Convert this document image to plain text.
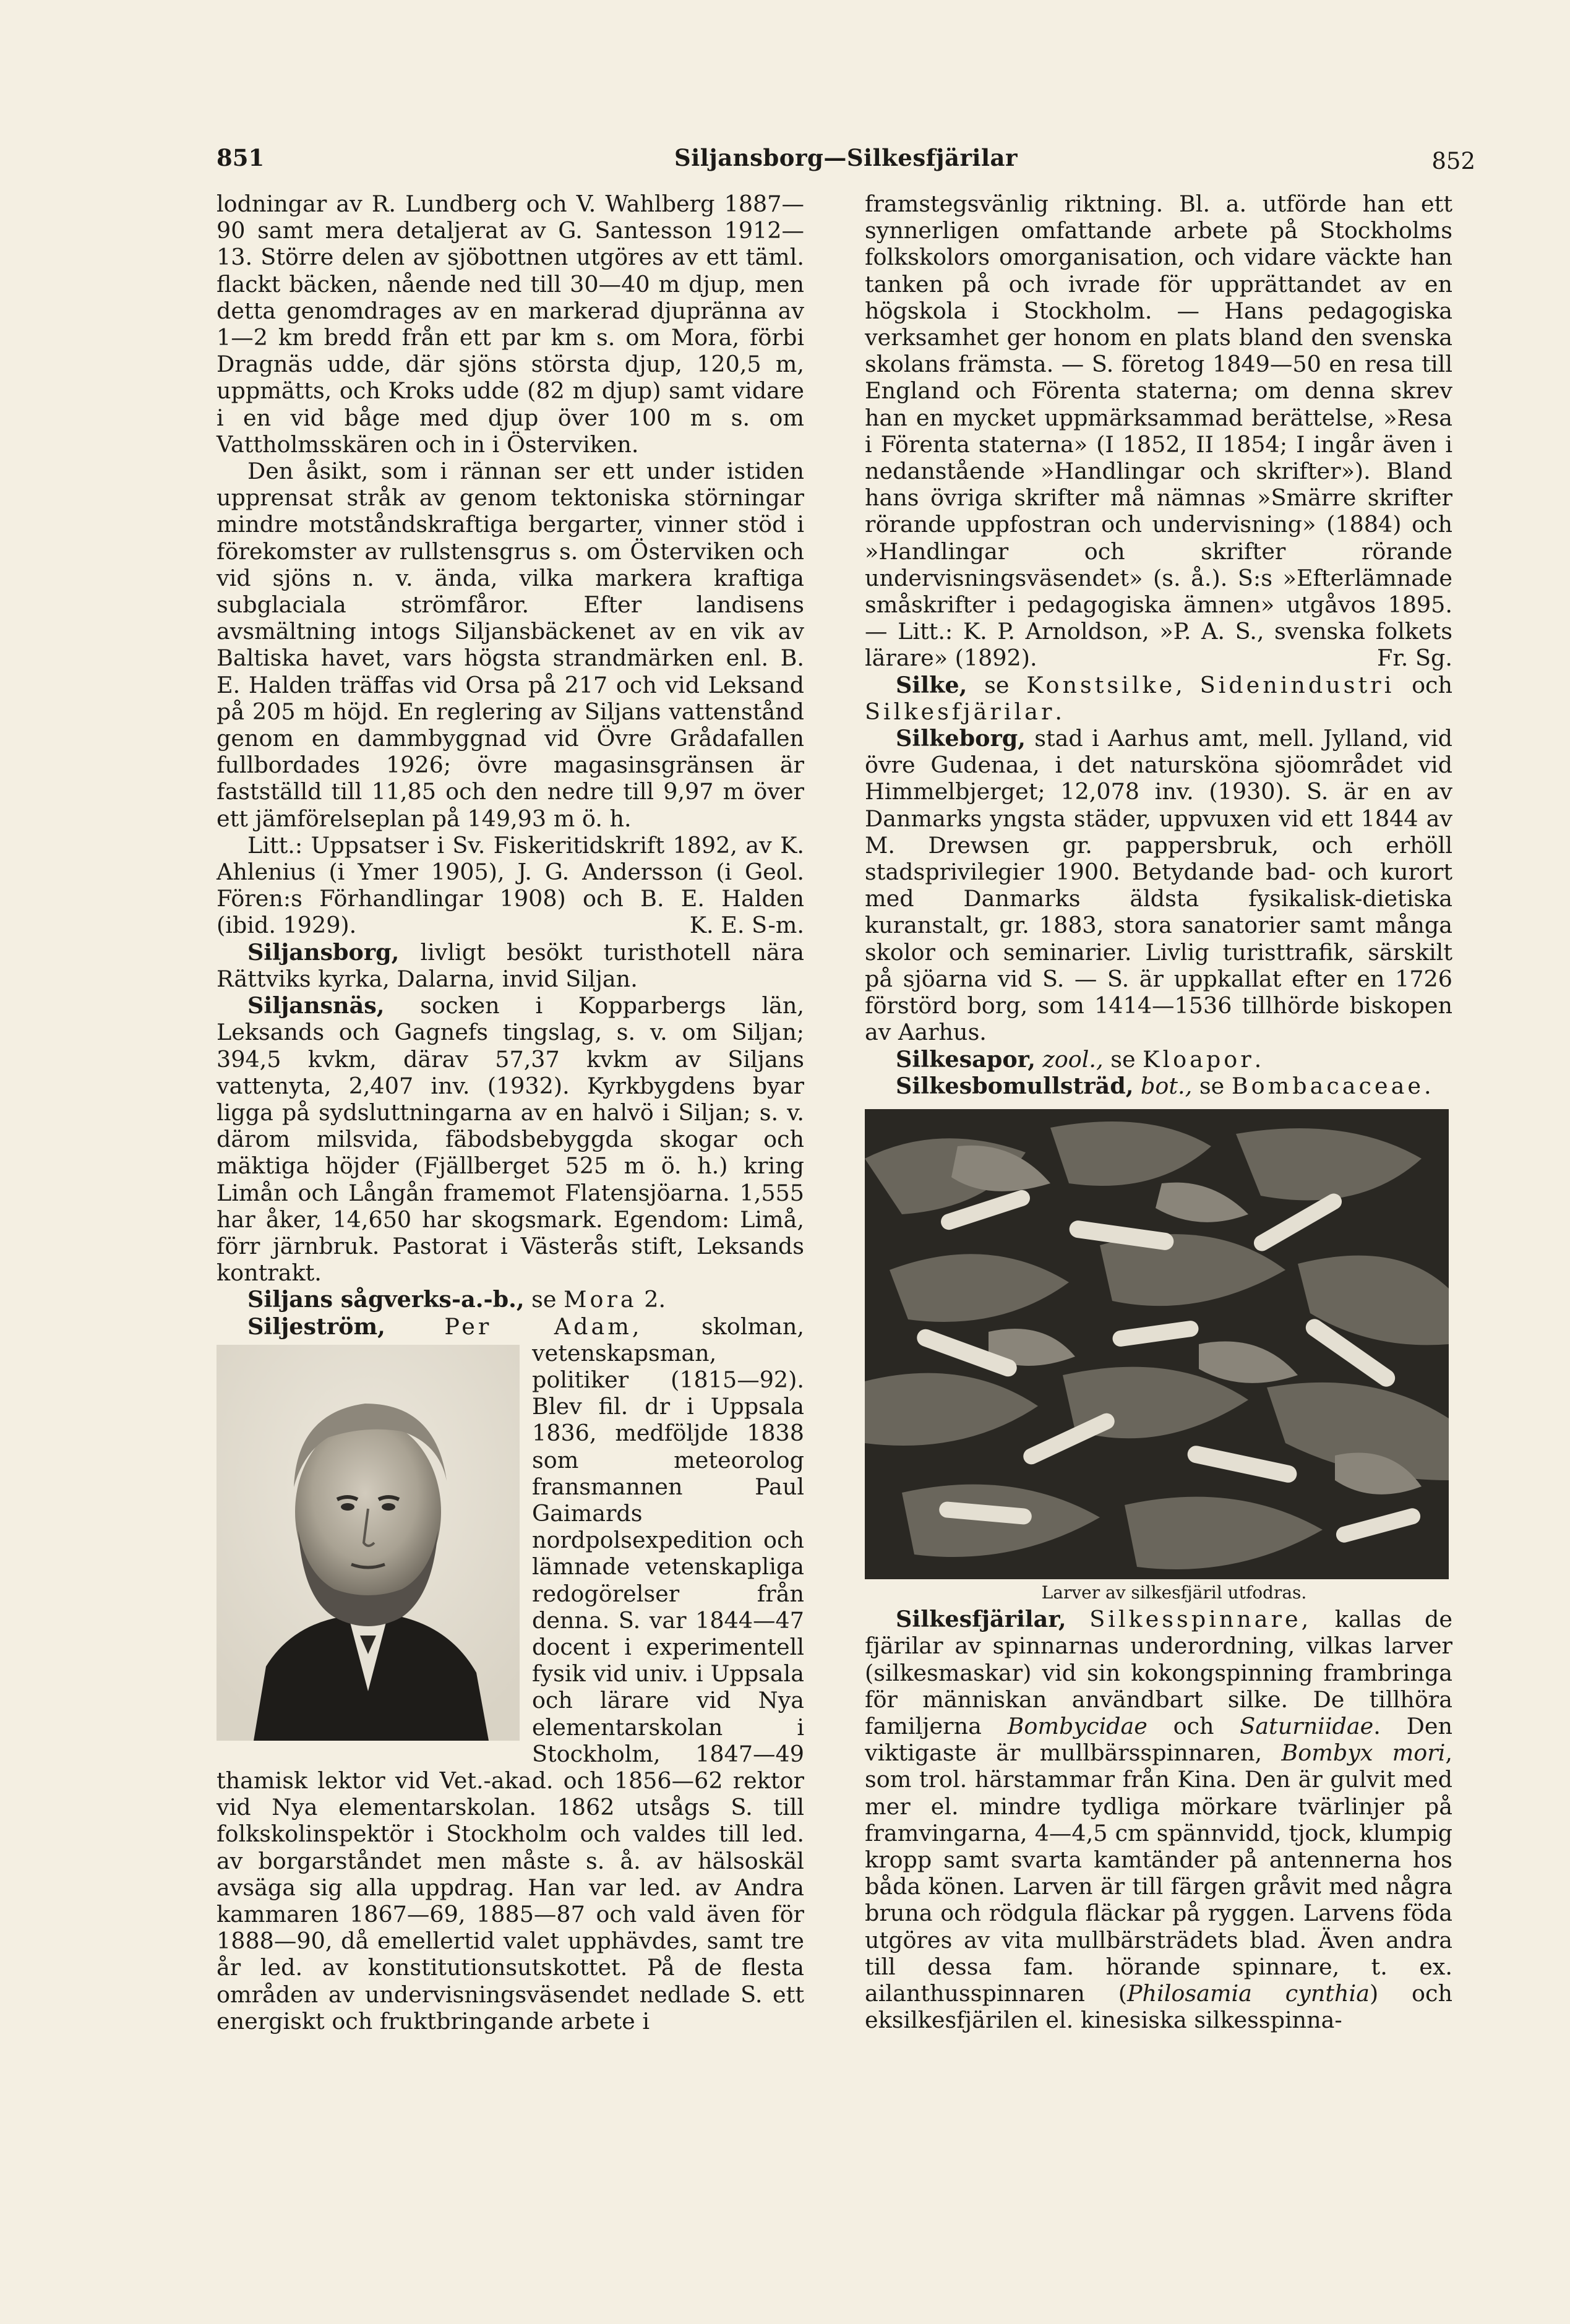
851	Siljansborg—Silkesfjärilar	852

lodningar av R. Lundberg och V. Wahlberg 1887—90 samt mera detaljerat av G. Santesson 1912—13. Större delen av sjöbottnen utgöres av ett täml. flackt bäcken, nående ned till 30—40 m djup, men detta genomdrages av en markerad djupränna av 1—2 km bredd från ett par km s. om Mora, förbi Dragnäs udde, där sjöns största djup, 120,5 m, uppmätts, och Kroks udde (82 m djup) samt vidare i en vid båge med djup över 100 m s. om Vattholmsskären och in i Österviken.

Den åsikt, som i rännan ser ett under istiden upprensat stråk av genom tektoniska störningar mindre motståndskraftiga bergarter, vinner stöd i förekomster av rullstensgrus s. om Österviken och vid sjöns n. v. ända, vilka markera kraftiga subglaciala strömfåror. Efter landisens avsmältning intogs Siljansbäckenet av en vik av Baltiska havet, vars högsta strandmärken enl. B. E. Halden träffas vid Orsa på 217 och vid Leksand på 205 m höjd. En reglering av Siljans vattenstånd genom en dammbyggnad vid Övre Grådafallen fullbordades 1926; övre magasinsgränsen är fastställd till 11,85 och den nedre till 9,97 m över ett jämförelseplan på 149,93 m ö. h.

Litt.: Uppsatser i Sv. Fiskeritidskrift 1892, av K. Ahlenius (i Ymer 1905), J. G. Andersson (i Geol. Fören:s Förhandlingar 1908) och B. E. Halden (ibid. 1929).	K. E. S-m.

Siljansborg, livligt besökt turisthotell nära Rättviks kyrka, Dalarna, invid Siljan.

Siljansnäs, socken i Kopparbergs län, Leksands och Gagnefs tingslag, s. v. om Siljan; 394,5 kvkm, därav 57,37 kvkm av Siljans vattenyta, 2,407 inv. (1932). Kyrkbygdens byar ligga på sydsluttningarna av en halvö i Siljan; s. v. därom milsvida, fäbodsbebyggda skogar och mäktiga höjder (Fjällberget 525 m ö. h.) kring Limån och Långån framemot Flatensjöarna. 1,555 har åker, 14,650 har skogsmark. Egendom: Limå, förr järnbruk. Pastorat i Västerås stift, Leksands kontrakt.

Siljans sågverks-a.-b., se Mora 2.

Siljeström,	Per Adam,
skolman, vetenskapsman, politiker (1815—92). Blev fil. dr i Uppsala 1836, medföljde 1838 som meteorolog fransmannen Paul Gaimards nordpolsexpedition och lämnade vetenskapliga redogörelser från denna. S. var 1844—47 docent i experimentell fysik vid univ. i Uppsala och lärare vid Nya elementarskolan i Stockholm, 1847—49 thamisk lektor vid Vet.-akad. och 1856—62 rektor vid Nya elementarskolan. 1862 utsågs S. till folkskolinspektör i Stockholm och valdes till led. av borgarståndet men måste s. å. av hälsoskäl avsäga sig alla uppdrag. Han var led. av Andra kammaren 1867—69, 1885—87 och vald även för 1888—90, då emellertid valet upphävdes, samt tre år led. av konstitutionsutskottet. På de flesta områden av undervisningsväsendet nedlade S. ett energiskt och fruktbringande arbete i

framstegsvänlig riktning. Bl. a. utförde han ett synnerligen omfattande arbete på Stockholms folkskolors omorganisation, och vidare väckte han tanken på och ivrade för upprättandet av en högskola i Stockholm. — Hans pedagogiska verksamhet ger honom en plats bland den svenska skolans främsta. — S. företog 1849—50 en resa till England och Förenta staterna; om denna skrev han en mycket uppmärksammad berättelse, »Resa i Förenta staterna» (I 1852, II 1854; I ingår även i nedanstående »Handlingar och skrifter»). Bland hans övriga skrifter må nämnas »Smärre skrifter rörande uppfostran och undervisning» (1884) och »Handlingar och skrifter rörande undervisningsväsendet» (s. å.). S:s »Efterlämnade småskrifter i pedagogiska ämnen» utgåvos 1895. — Litt.: K. P. Arnoldson, »P. A. S., svenska folkets lärare» (1892).	Fr. Sg.

Silke, se Konstsilke, Sidenindustri och Silkesfjärilar.

Silkeborg, stad i Aarhus amt, mell. Jylland, vid övre Gudenaa, i det natursköna sjöområdet vid Himmelbjerget; 12,078 inv. (1930). S. är en av Danmarks yngsta städer, uppvuxen vid ett 1844 av M. Drewsen gr. pappersbruk, och erhöll stadsprivilegier 1900. Betydande bad- och kurort med Danmarks äldsta fysikalisk-dietiska kuranstalt, gr. 1883, stora sanatorier samt många skolor och seminarier. Livlig turisttrafik, särskilt på sjöarna vid S. — S. är uppkallat efter en 1726 förstörd borg, som 1414—1536 tillhörde biskopen av Aarhus.

Silkesapor, zool., se Kloapor.

Silkesbomullsträd, bot., se Bombacaceae.

Larver av silkesfjäril utfodras.

Silkesfjärilar, Silkesspinnare, kallas de fjärilar av spinnarnas underordning, vilkas larver (silkesmaskar) vid sin kokongspinning frambringa för människan användbart silke. De tillhöra familjerna Bombycidae och Saturniidae. Den viktigaste är mullbärsspinnaren, Bombyx mori, som trol. härstammar från Kina. Den är gulvit med mer el. mindre tydliga mörkare tvärlinjer på framvingarna, 4—4,5 cm spännvidd, tjock, klumpig kropp samt svarta kamtänder på antennerna hos båda könen. Larven är till färgen gråvit med några bruna och rödgula fläckar på ryggen. Larvens föda utgöres av vita mullbärsträdets blad. Även andra till dessa fam. hörande spinnare, t. ex. ailanthusspinnaren (Philosamia cynthia) och eksilkesfjärilen el. kinesiska silkesspinna-
